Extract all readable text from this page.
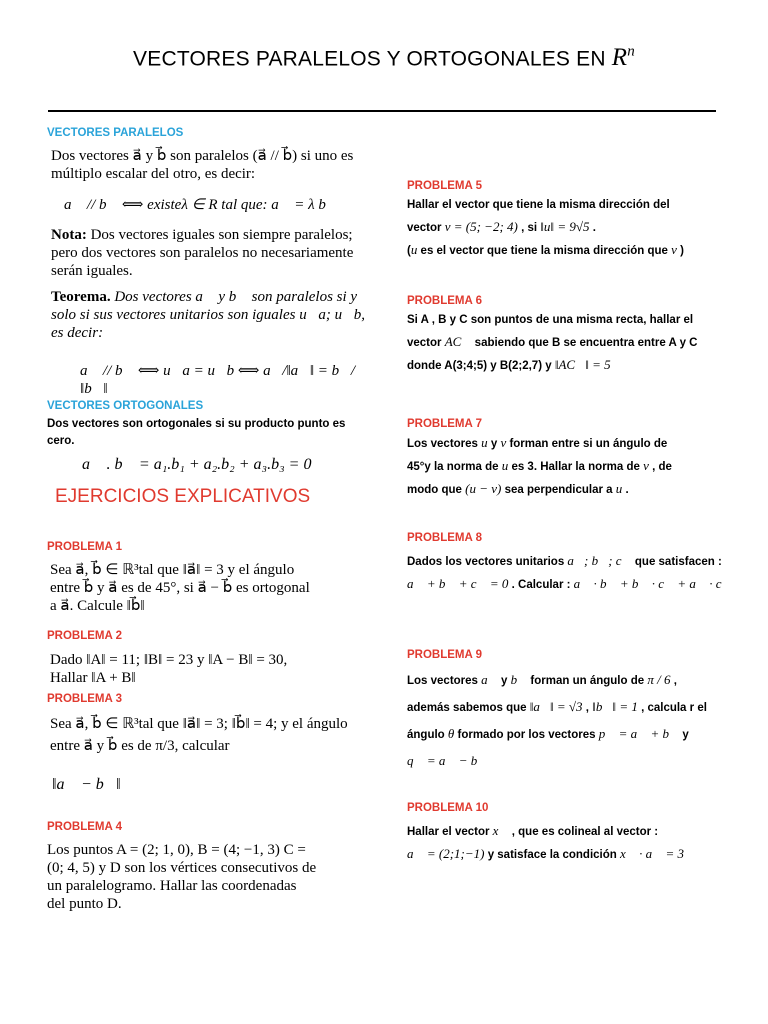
VECTORES PARALELOS Y ORTOGONALES EN $R^n$
VECTORES PARALELOS
Dos vectores a⃗ y b⃗ son paralelos (a⃗ // b⃗) si uno es múltiplo escalar del otro, es decir:
a⃗ // b⃗ ⟺ existeλ ∈ R tal que: a⃗ = λ b⃗
Nota: Dos vectores iguales son siempre paralelos; pero dos vectores son paralelos no necesariamente serán iguales.
Teorema. Dos vectores a⃗ y b⃗ son paralelos si y solo si sus vectores unitarios son iguales u⃗a; u⃗b, es decir:
a⃗ // b⃗ ⟺ u⃗a = u⃗b ⟺ a⃗/‖a⃗‖ = b⃗/‖b⃗‖
VECTORES ORTOGONALES
Dos vectores son ortogonales si su producto punto es cero.
a⃗ . b⃗ = a₁.b₁ + a₂.b₂ + a₃.b₃ = 0
EJERCICIOS EXPLICATIVOS
PROBLEMA 1
Sea a⃗, b⃗ ∈ ℝ³tal que ‖a⃗‖ = 3 y el ángulo entre b⃗ y a⃗ es de 45°, si a⃗ − b⃗ es ortogonal a a⃗. Calcule ‖b⃗‖
PROBLEMA 2
Dado ‖A‖ = 11; ‖B‖ = 23 y ‖A − B‖ = 30, Hallar ‖A + B‖
PROBLEMA 3
Sea a⃗, b⃗ ∈ ℝ³tal que ‖a⃗‖ = 3; ‖b⃗‖ = 4; y el ángulo entre a⃗ y b⃗ es de π/3, calcular
‖a⃗ − b⃗‖
PROBLEMA 4
Los puntos A = (2; 1, 0), B = (4; −1, 3) C = (0; 4, 5) y D son los vértices consecutivos de un paralelogramo. Hallar las coordenadas del punto D.
PROBLEMA 5
Hallar el vector que tiene la misma dirección del
vector v = (5; −2; 4) , si ‖u‖ = 9√5 .
(u es el vector que tiene la misma dirección que v )
PROBLEMA 6
Si A , B y C son puntos de una misma recta, hallar el
vector AC⃗ sabiendo que B se encuentra entre A y C
donde A(3;4;5) y B(2;2,7) y ‖AC⃗‖ = 5
PROBLEMA 7
Los vectores u y v forman entre si un ángulo de
45°y la norma de u es 3. Hallar la norma de v , de
modo que (u − v) sea perpendicular a u .
PROBLEMA 8
Dados los vectores unitarios a⃗; b⃗; c⃗ que satisfacen :
a⃗ + b⃗ + c⃗ = 0 . Calcular : a⃗ · b⃗ + b⃗ · c⃗ + a⃗ · c⃗
PROBLEMA 9
Los vectores a⃗ y b⃗ forman un ángulo de π / 6 ,
además sabemos que ‖a⃗‖ = √3 , ‖b⃗‖ = 1 , calcula r el
ángulo θ formado por los vectores p⃗ = a⃗ + b⃗ y
q⃗ = a⃗ − b⃗
PROBLEMA 10
Hallar el vector x⃗ , que es colineal al vector :
a⃗ = (2;1;−1) y satisface la condición x⃗ · a⃗ = 3
